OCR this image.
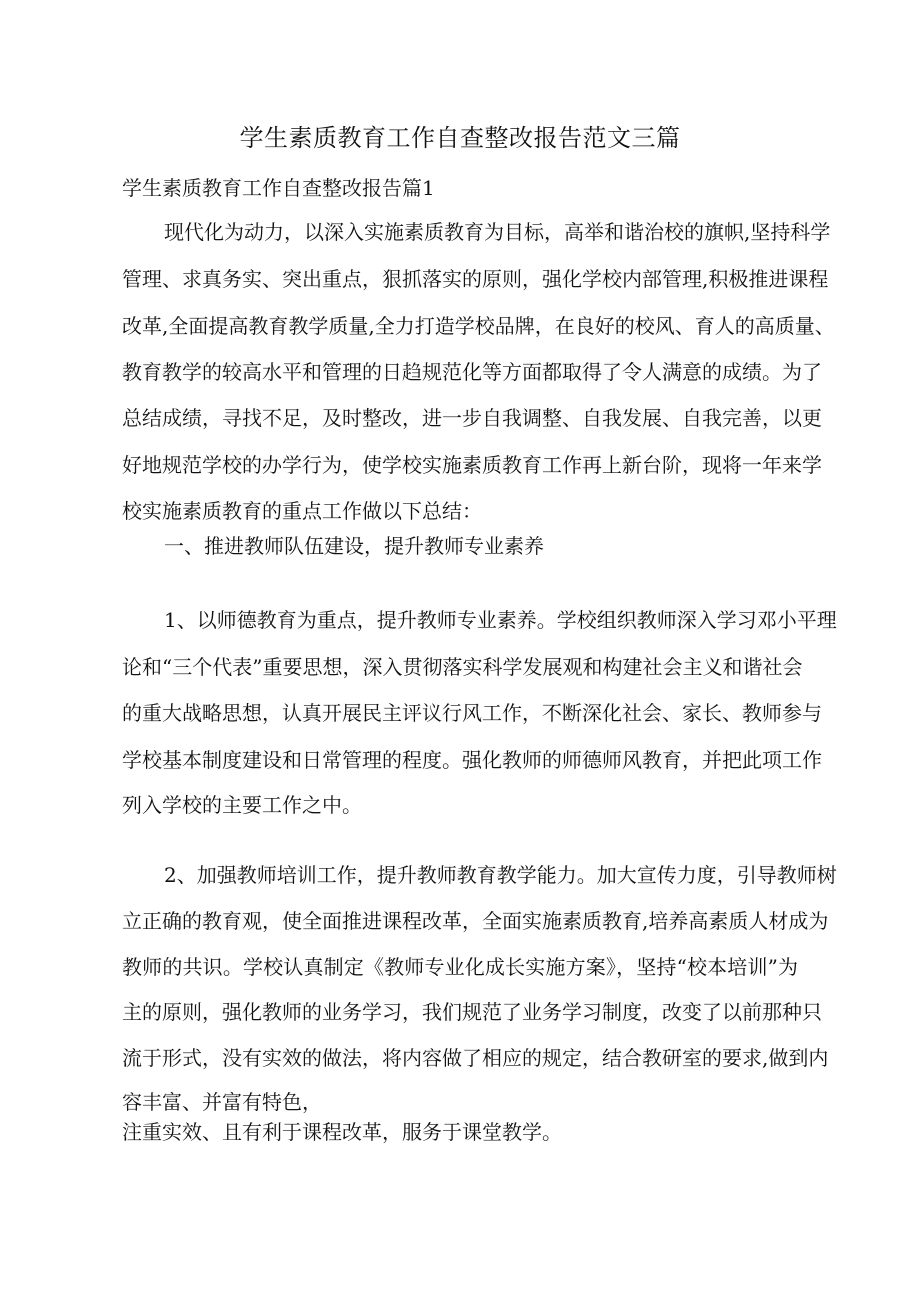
学生素质教育工作自查整改报告范文三篇
学生素质教育工作自查整改报告篇1
现代化为动力，以深入实施素质教育为目标，高举和谐治校的旗帜,坚持科学
管理、求真务实、突出重点，狠抓落实的原则，强化学校内部管理,积极推进课程
改革,全面提高教育教学质量,全力打造学校品牌，在良好的校风、育人的高质量、
教育教学的较高水平和管理的日趋规范化等方面都取得了令人满意的成绩。为了
总结成绩，寻找不足，及时整改，进一步自我调整、自我发展、自我完善，以更
好地规范学校的办学行为，使学校实施素质教育工作再上新台阶，现将一年来学
校实施素质教育的重点工作做以下总结：
一、推进教师队伍建设，提升教师专业素养
1、以师德教育为重点，提升教师专业素养。学校组织教师深入学习邓小平理
论和“三个代表”重要思想，深入贯彻落实科学发展观和构建社会主义和谐社会
的重大战略思想，认真开展民主评议行风工作，不断深化社会、家长、教师参与
学校基本制度建设和日常管理的程度。强化教师的师德师风教育，并把此项工作
列入学校的主要工作之中。
2、加强教师培训工作，提升教师教育教学能力。加大宣传力度，引导教师树
立正确的教育观，使全面推进课程改革，全面实施素质教育,培养高素质人材成为
教师的共识。学校认真制定《教师专业化成长实施方案》，坚持“校本培训”为
主的原则，强化教师的业务学习，我们规范了业务学习制度，改变了以前那种只
流于形式，没有实效的做法，将内容做了相应的规定，结合教研室的要求,做到内
容丰富、并富有特色，
注重实效、且有利于课程改革，服务于课堂教学。
